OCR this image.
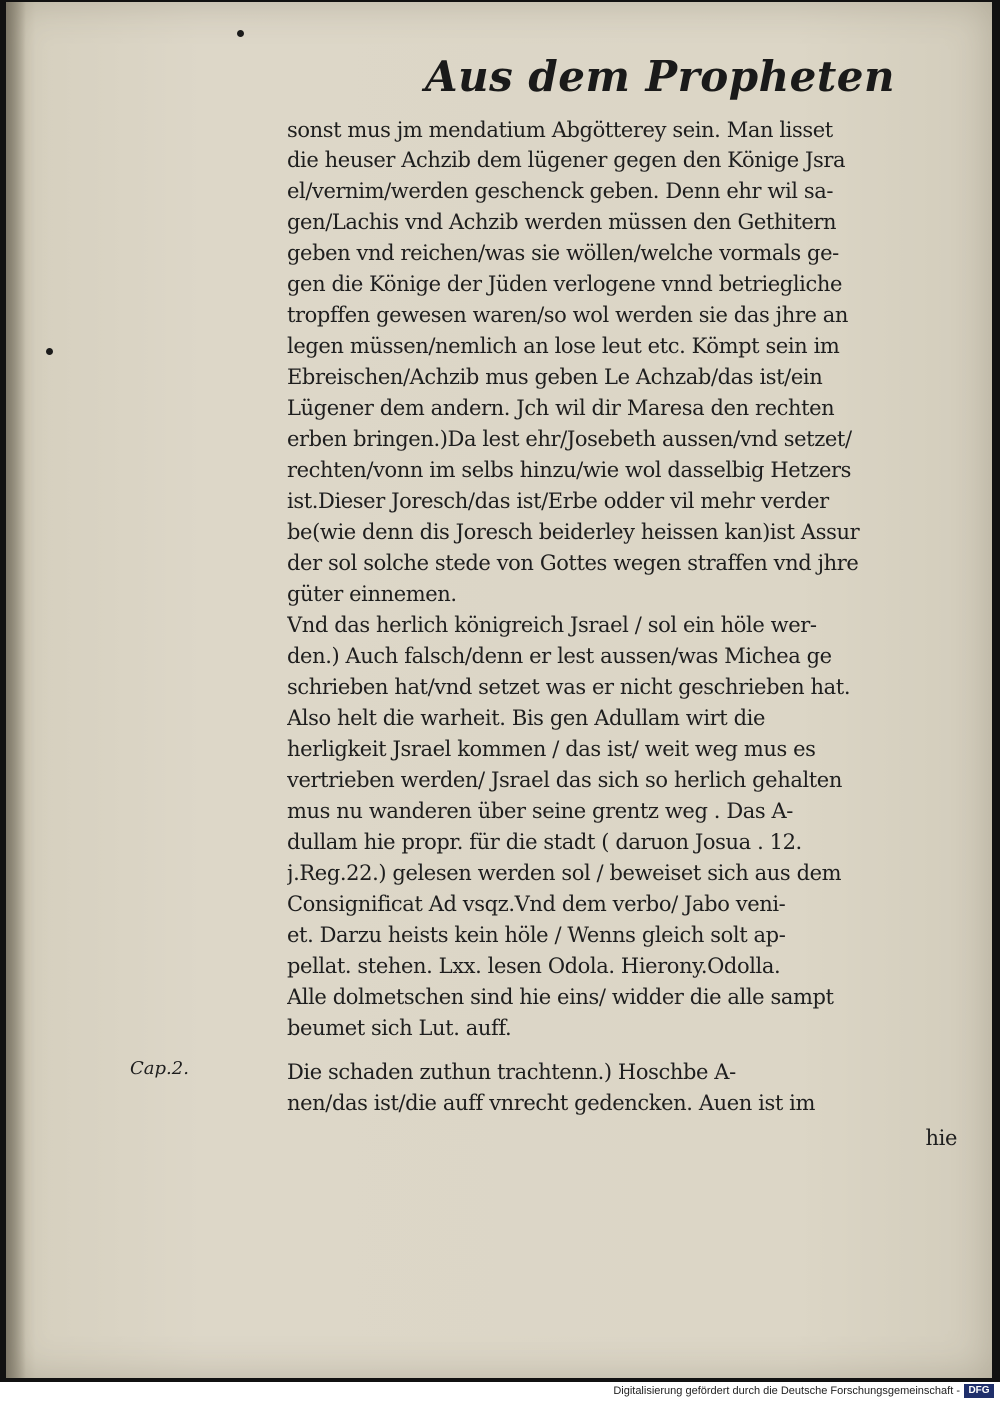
Aus dem Propheten
sonst mus jm mendatium Abgötterey sein. Man lisset
die heuser Achzib dem lügener gegen den Könige Jsra
el/vernim/werden geschenck geben. Denn ehr wil sa-
gen/Lachis vnd Achzib werden müssen den Gethitern
geben vnd reichen/was sie wöllen/welche vormals ge-
gen die Könige der Jüden verlogene vnnd betriegliche
tropffen gewesen waren/so wol werden sie das jhre an
legen müssen/nemlich an lose leut etc. Kömpt sein im
Ebreischen/Achzib mus geben Le Achzab/das ist/ein
Lügener dem andern. Jch wil dir Maresa den rechten
erben bringen.)Da lest ehr/Josebeth aussen/vnd setzet/
rechten/vonn im selbs hinzu/wie wol dasselbig Hetzers
ist.Dieser Joresch/das ist/Erbe odder vil mehr verder
be(wie denn dis Joresch beiderley heissen kan)ist Assur
der sol solche stede von Gottes wegen straffen vnd jhre
güter einnemen.
Vnd das herlich königreich Jsrael / sol ein höle wer-
den.) Auch falsch/denn er lest aussen/was Michea ge
schrieben hat/vnd setzet was er nicht geschrieben hat.
Also helt die warheit. Bis gen Adullam wirt die
herligkeit Jsrael kommen / das ist/ weit weg mus es
vertrieben werden/ Jsrael das sich so herlich gehalten
mus nu wanderen über seine grentz weg . Das A-
dullam hie propr. für die stadt ( daruon Josua . 12.
j.Reg.22.) gelesen werden sol / beweiset sich aus dem
Consignificat Ad vsqz.Vnd dem verbo/ Jabo veni-
et. Darzu heists kein höle / Wenns gleich solt ap-
pellat. stehen. Lxx. lesen Odola. Hierony.Odolla.
Alle dolmetschen sind hie eins/ widder die alle sampt
beumet sich Lut. auff.
Die schaden zuthun trachtenn.) Hoschbe A-
nen/das ist/die auff vnrecht gedencken. Auen ist im
hie
Cap.2.
Digitalisierung gefördert durch die Deutsche Forschungsgemeinschaft - DFG
